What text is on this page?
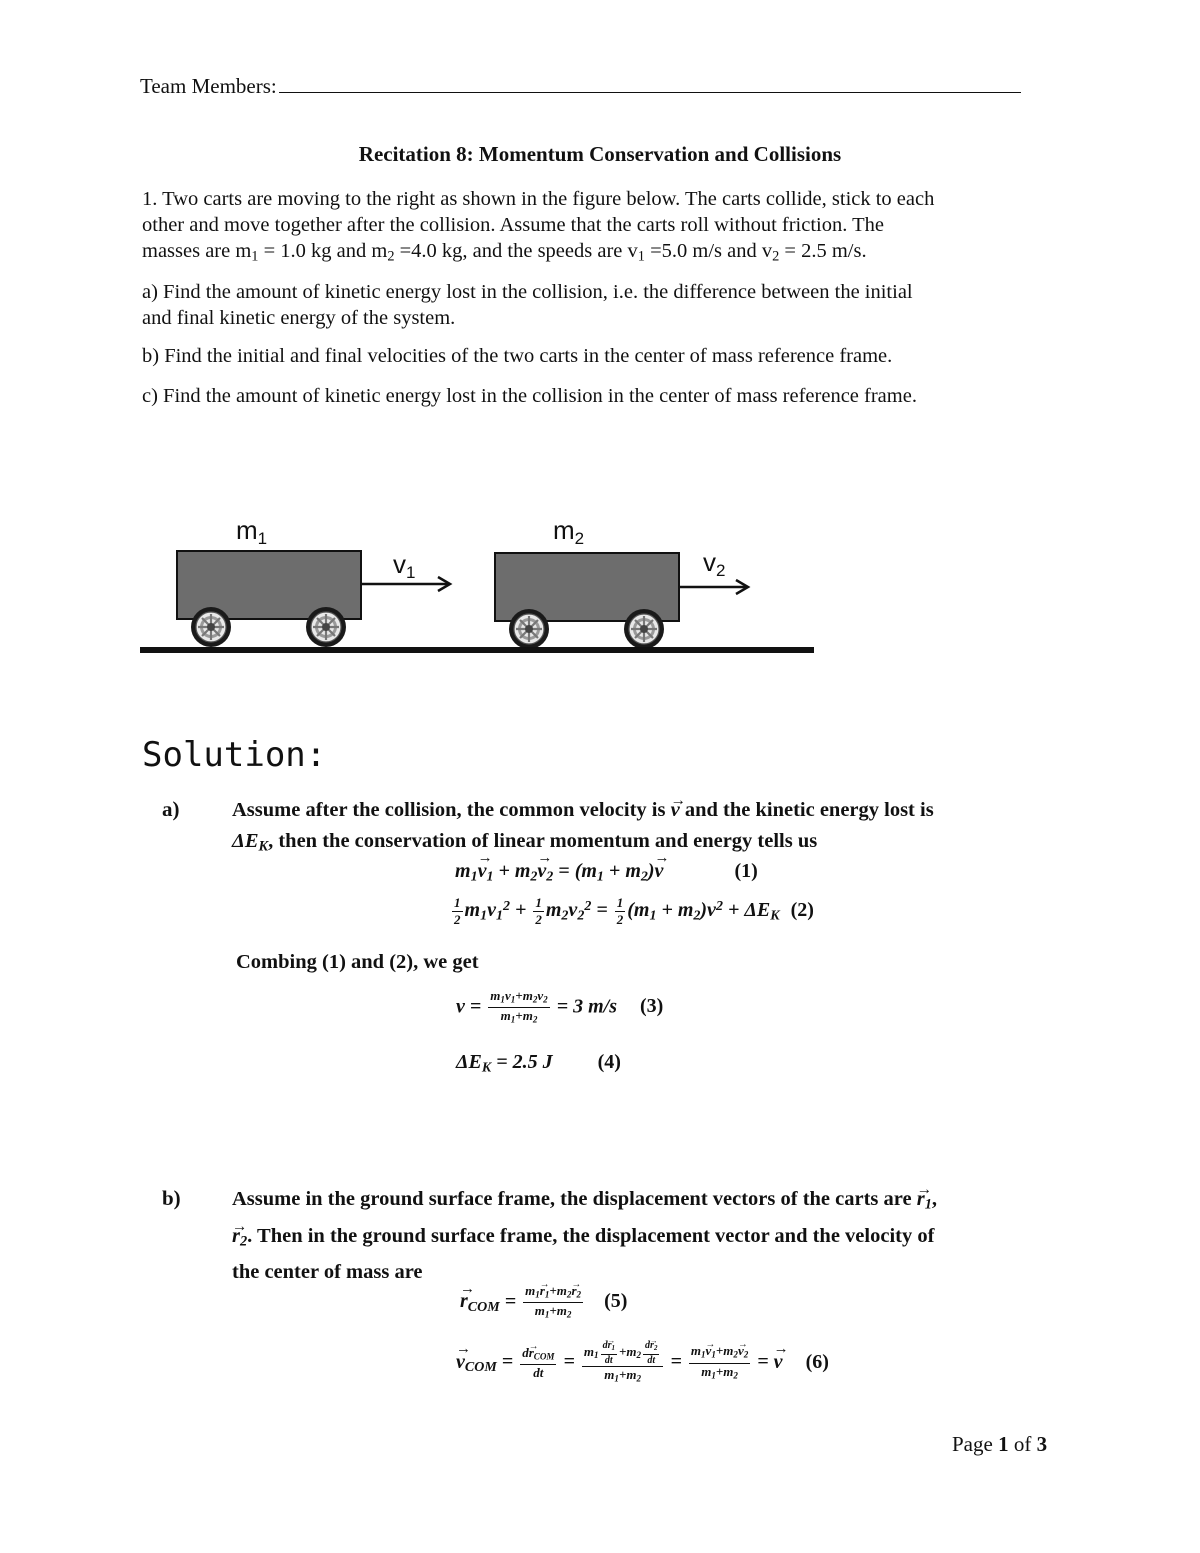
Team Members:
Recitation 8: Momentum Conservation and Collisions
1. Two carts are moving to the right as shown in the figure below. The carts collide, stick to each
other and move together after the collision. Assume that the carts roll without friction. The
masses are $m_1 = 1.0$ kg and $m_2 =4.0$ kg, and the speeds are $v_1 =5.0$ m/s and $v_2 = 2.5$ m/s.
a) Find the amount of kinetic energy lost in the collision, i.e. the difference between the initial
and final kinetic energy of the system.
b) Find the initial and final velocities of the two carts in the center of mass reference frame.
c) Find the amount of kinetic energy lost in the collision in the center of mass reference frame.
m1	m2
v1	v2
Solution:
a)	Assume after the collision, the common velocity is → v and the kinetic energy lost is
$\Delta E_K$, then the conservation of linear momentum and energy tells us
$m_1\to v_1 + m_2\to v_2 = (m_1 + m_2)\to v$	(1)
$\frac{1}{2} m_1v_1^2 + \frac{1}{2} m_2v_2^2 = \frac{1}{2} (m_1 + m_2)v^2 + \Delta E_K$ (2)
Combing (1) and (2), we get
$v = \frac{m_1v_1+m_2v_2}{m_1+m_2} = 3$ m/s (3)
$\Delta E_K = 2.5$ J (4)
b)	Assume in the ground surface frame, the displacement vectors of the carts are → $r_1$,
→ $r_2$. Then in the ground surface frame, the displacement vector and the velocity of
the center of mass are
→ $r_{COM} = \frac{m_1\to r_1+m_2\to r_2}{m_1+m_2} (5)$
→ $v_{COM} = \frac{d\to r_{COM}}{dt} = \frac{m_1 \frac{d\to r_1}{dt} +m_2 \frac{d\to r_2}{dt}}{m_1+m_2} = \frac{m_1\to v_1+m_2\to v_2}{m_1+m_2}$ = → v (6)
Page 1 of 3
